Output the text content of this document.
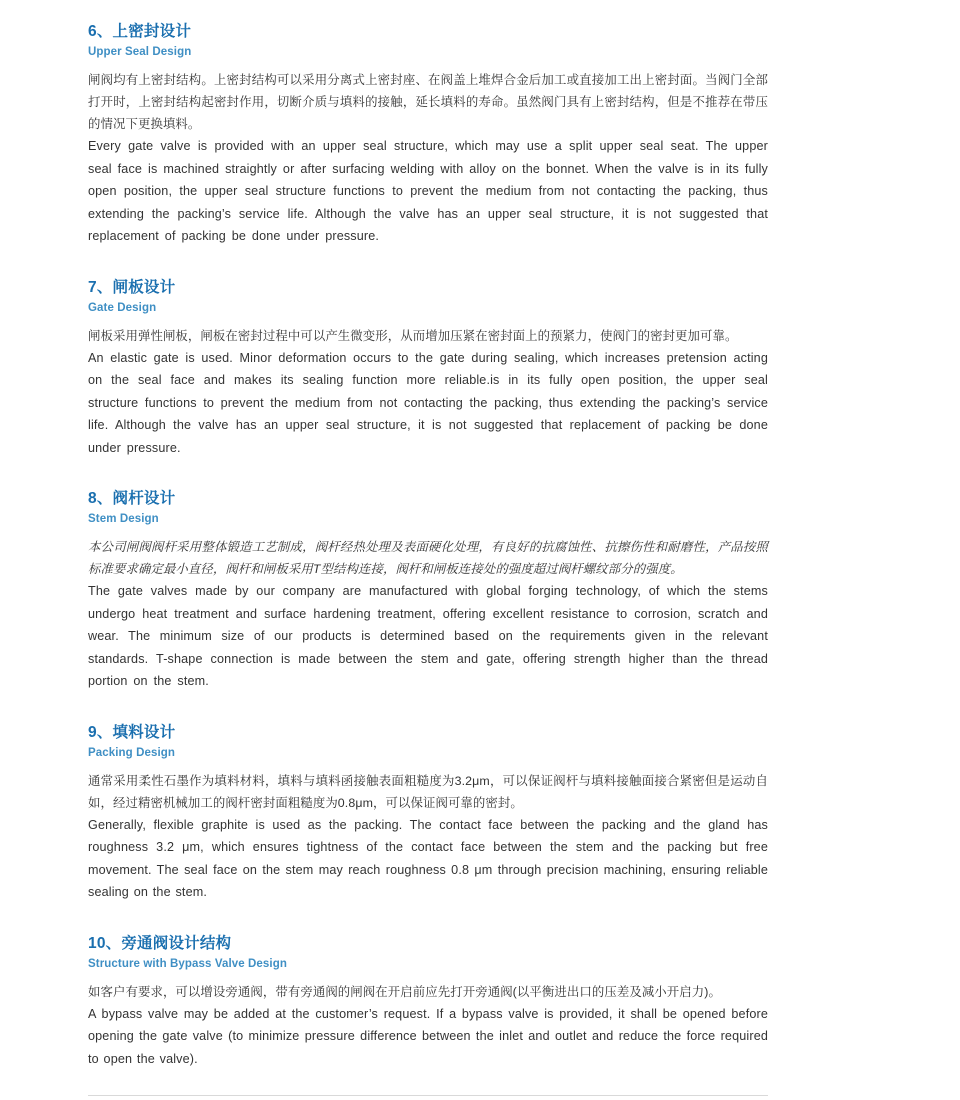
6、上密封设计
Upper Seal Design

闸阀均有上密封结构。上密封结构可以采用分离式上密封座、在阀盖上堆焊合金后加工或直接加工出上密封面。当阀门全部打开时，上密封结构起密封作用，切断介质与填料的接触，延长填料的寿命。虽然阀门具有上密封结构，但是不推荐在带压的情况下更换填料。

Every gate valve is provided with an upper seal structure, which may use a split upper seal seat. The upper seal face is machined straightly or after surfacing welding with alloy on the bonnet. When the valve is in its fully open position, the upper seal structure functions to prevent the medium from not contacting the packing, thus extending the packing’s service life. Although the valve has an upper seal structure, it is not suggested that replacement of packing be done under pressure.

7、闸板设计
Gate Design

闸板采用弹性闸板，闸板在密封过程中可以产生微变形，从而增加压紧在密封面上的预紧力，使阀门的密封更加可靠。

An elastic gate is used. Minor deformation occurs to the gate during sealing, which increases pretension acting on the seal face and makes its sealing function more reliable.is in its fully open position, the upper seal structure functions to prevent the medium from not contacting the packing, thus extending the packing’s service life. Although the valve has an upper seal structure, it is not suggested that replacement of packing be done under pressure.

8、阀杆设计
Stem Design

本公司闸阀阀杆采用整体锻造工艺制成，阀杆经热处理及表面硬化处理，有良好的抗腐蚀性、抗擦伤性和耐磨性，产品按照标准要求确定最小直径，阀杆和闸板采用T型结构连接，阀杆和闸板连接处的强度超过阀杆螺纹部分的强度。

The gate valves made by our company are manufactured with global forging technology, of which the stems undergo heat treatment and surface hardening treatment, offering excellent resistance to corrosion, scratch and wear. The minimum size of our products is determined based on the requirements given in the relevant standards. T-shape connection is made between the stem and gate, offering strength higher than the thread portion on the stem.

9、填料设计
Packing Design

通常采用柔性石墨作为填料材料，填料与填料函接触表面粗糙度为3.2μm，可以保证阀杆与填料接触面接合紧密但是运动自如，经过精密机械加工的阀杆密封面粗糙度为0.8μm，可以保证阀可靠的密封。

Generally, flexible graphite is used as the packing. The contact face between the packing and the gland has roughness 3.2 μm, which ensures tightness of the contact face between the stem and the packing but free movement. The seal face on the stem may reach roughness 0.8 μm through precision machining, ensuring reliable sealing on the stem.

10、旁通阀设计结构
Structure with Bypass Valve Design

如客户有要求，可以增设旁通阀，带有旁通阀的闸阀在开启前应先打开旁通阀(以平衡进出口的压差及减小开启力)。

A bypass valve may be added at the customer’s request. If a bypass valve is provided, it shall be opened before opening the gate valve (to minimize pressure difference between the inlet and outlet and reduce the force required to open the valve).
